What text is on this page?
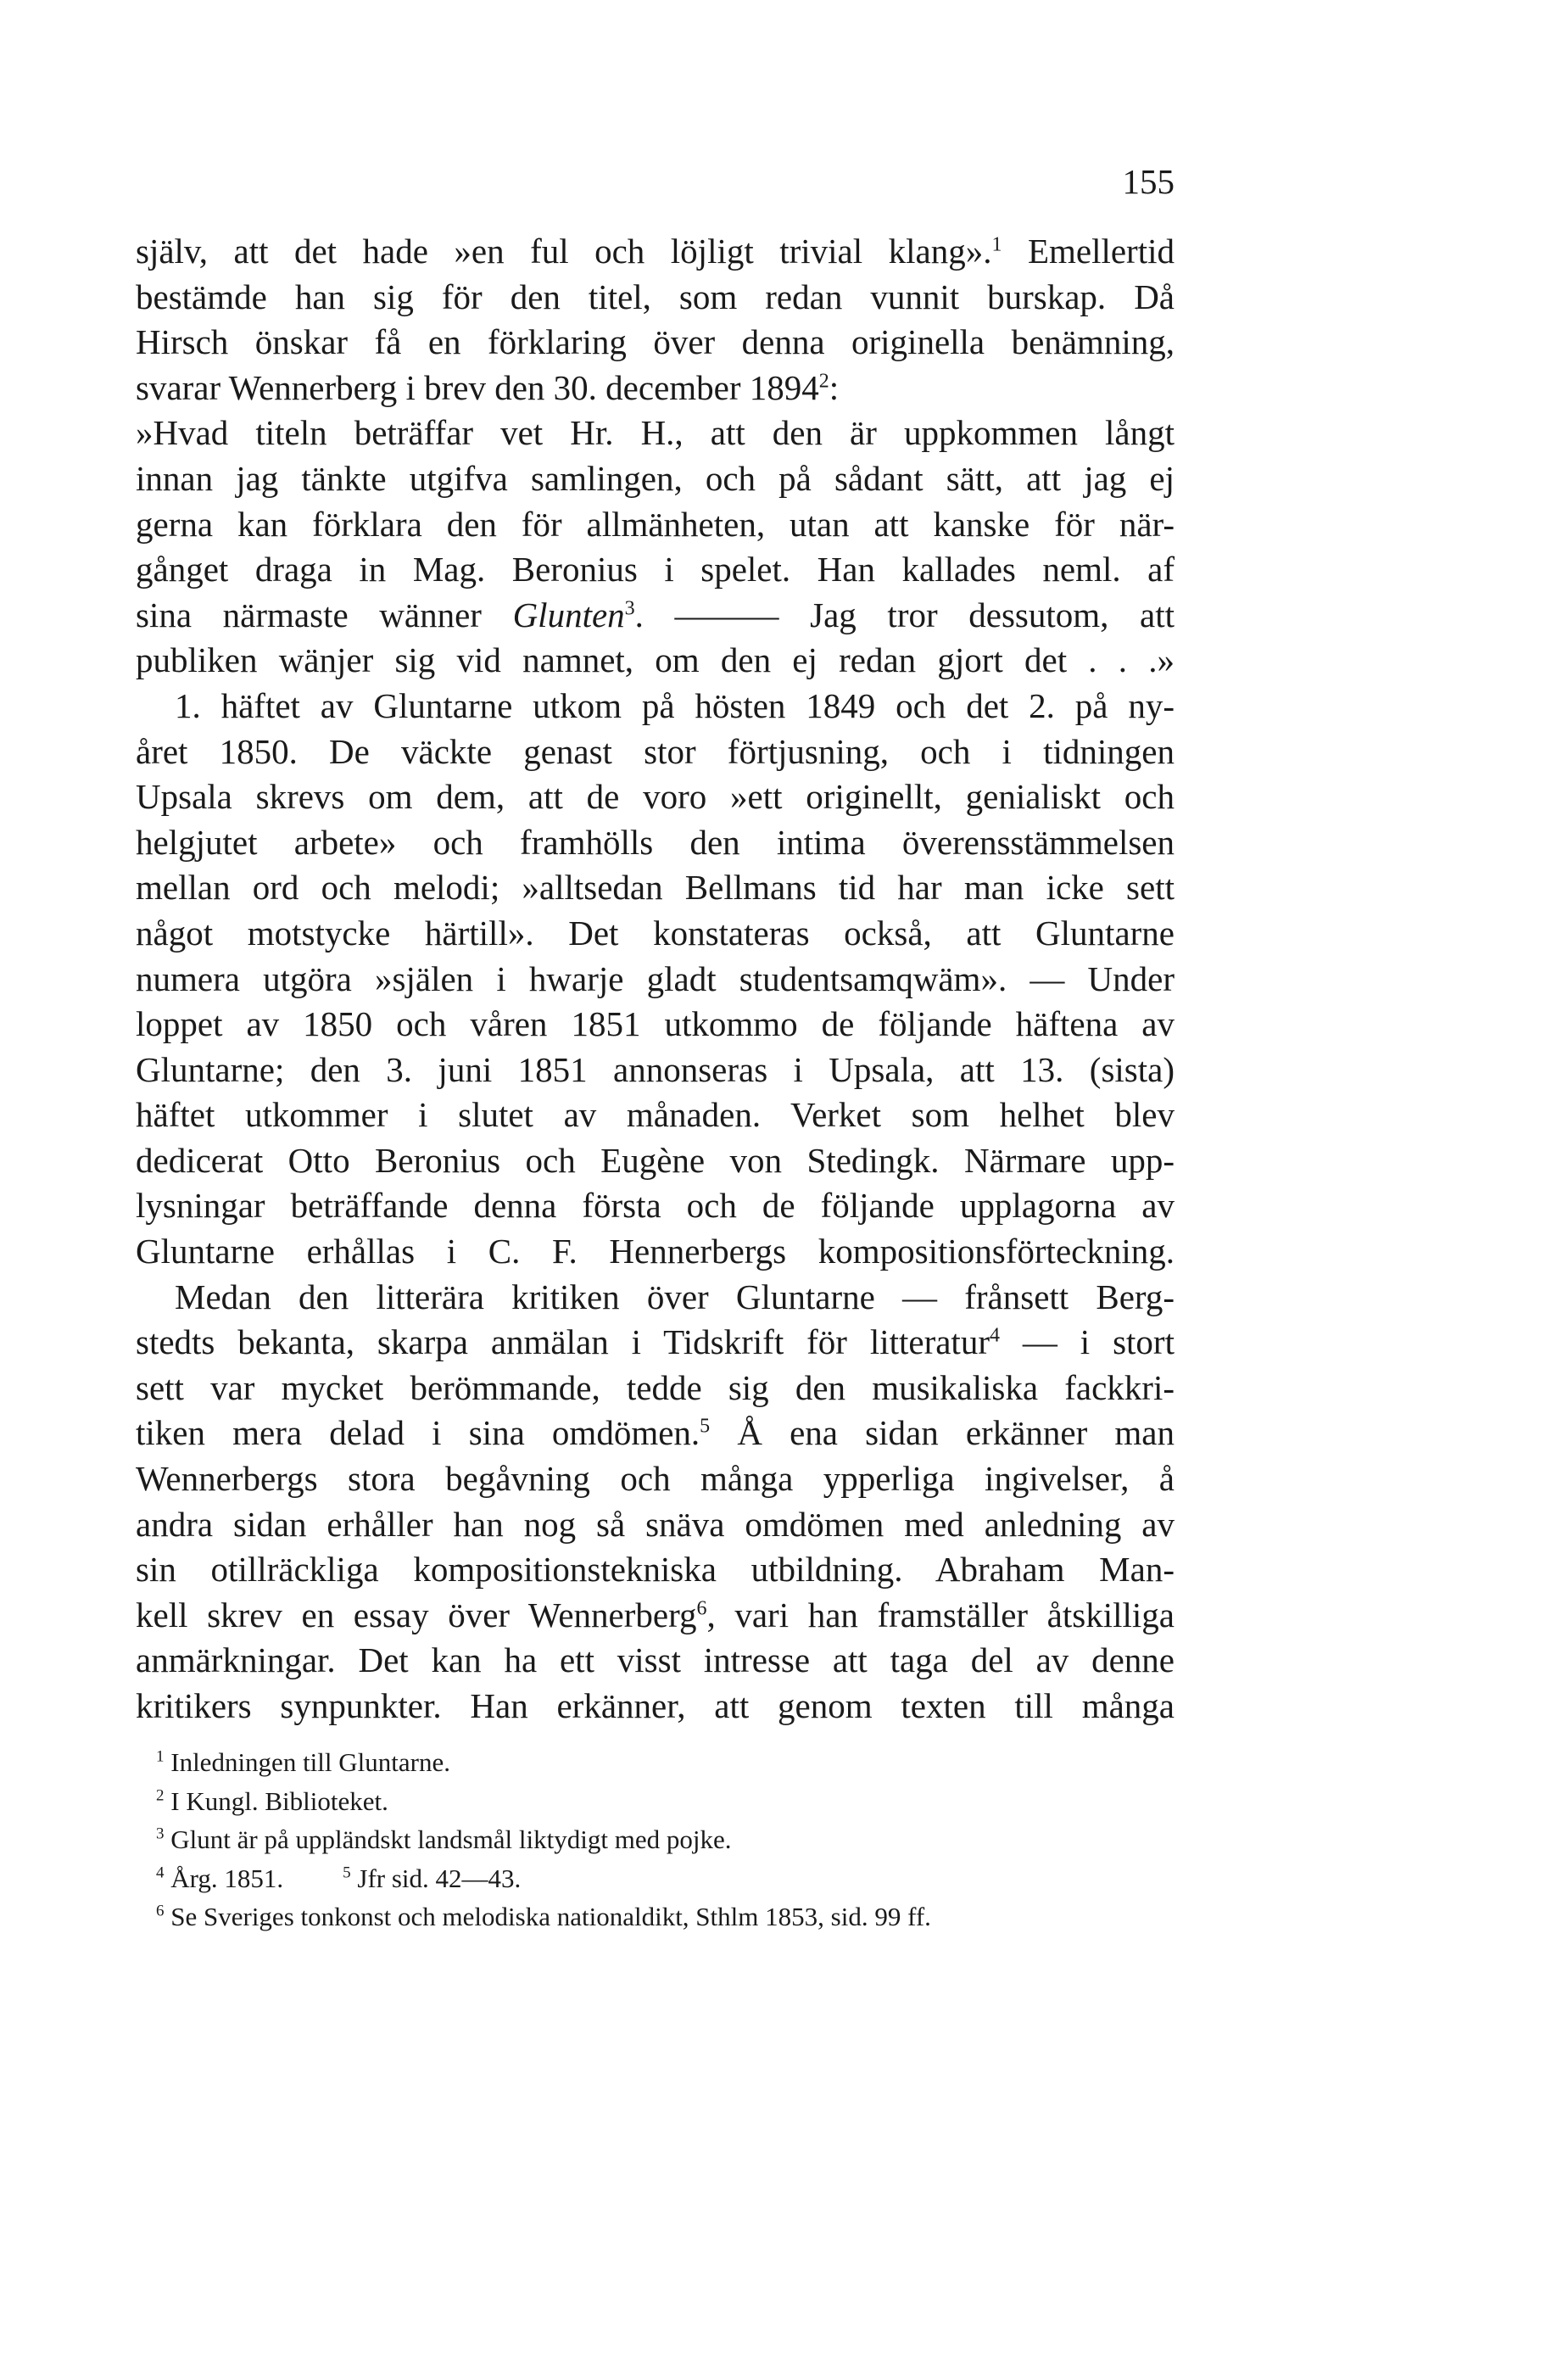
155
själv, att det hade »en ful och löjligt trivial klang».$^1$ Emellertid
bestämde han sig för den titel, som redan vunnit burskap. Då
Hirsch önskar få en förklaring över denna originella benämning,
svarar Wennerberg i brev den 30. december 1894$^2$:
»Hvad titeln beträffar vet Hr. H., att den är uppkommen långt
innan jag tänkte utgifva samlingen, och på sådant sätt, att jag ej
gerna kan förklara den för allmänheten, utan att kanske för när-
gånget draga in Mag. Beronius i spelet. Han kallades neml. af
sina närmaste wänner Glunten$^3$. ——— Jag tror dessutom, att
publiken wänjer sig vid namnet, om den ej redan gjort det . . .»
1. häftet av Gluntarne utkom på hösten 1849 och det 2. på ny-
året 1850. De väckte genast stor förtjusning, och i tidningen
Upsala skrevs om dem, att de voro »ett originellt, genialiskt och
helgjutet arbete» och framhölls den intima överensstämmelsen
mellan ord och melodi; »alltsedan Bellmans tid har man icke sett
något motstycke härtill». Det konstateras också, att Gluntarne
numera utgöra »själen i hwarje gladt studentsamqwäm». — Under
loppet av 1850 och våren 1851 utkommo de följande häftena av
Gluntarne; den 3. juni 1851 annonseras i Upsala, att 13. (sista)
häftet utkommer i slutet av månaden. Verket som helhet blev
dedicerat Otto Beronius och Eugène von Stedingk. Närmare upp-
lysningar beträffande denna första och de följande upplagorna av
Gluntarne erhållas i C. F. Hennerbergs kompositionsförteckning.
Medan den litterära kritiken över Gluntarne — frånsett Berg-
stedts bekanta, skarpa anmälan i Tidskrift för litteratur$^4$ — i stort
sett var mycket berömmande, tedde sig den musikaliska fackkri-
tiken mera delad i sina omdömen.$^5$ Å ena sidan erkänner man
Wennerbergs stora begåvning och många ypperliga ingivelser, å
andra sidan erhåller han nog så snäva omdömen med anledning av
sin otillräckliga kompositionstekniska utbildning. Abraham Man-
kell skrev en essay över Wennerberg$^6$, vari han framställer åtskilliga
anmärkningar. Det kan ha ett visst intresse att taga del av denne
kritikers synpunkter. Han erkänner, att genom texten till många
$^1$ Inledningen till Gluntarne.
$^2$ I Kungl. Biblioteket.
$^3$ Glunt är på uppländskt landsmål liktydigt med pojke.
$^4$ Årg. 1851.	$^5$ Jfr sid. 42—43.
$^6$ Se Sveriges tonkonst och melodiska nationaldikt, Sthlm 1853, sid. 99 ff.
